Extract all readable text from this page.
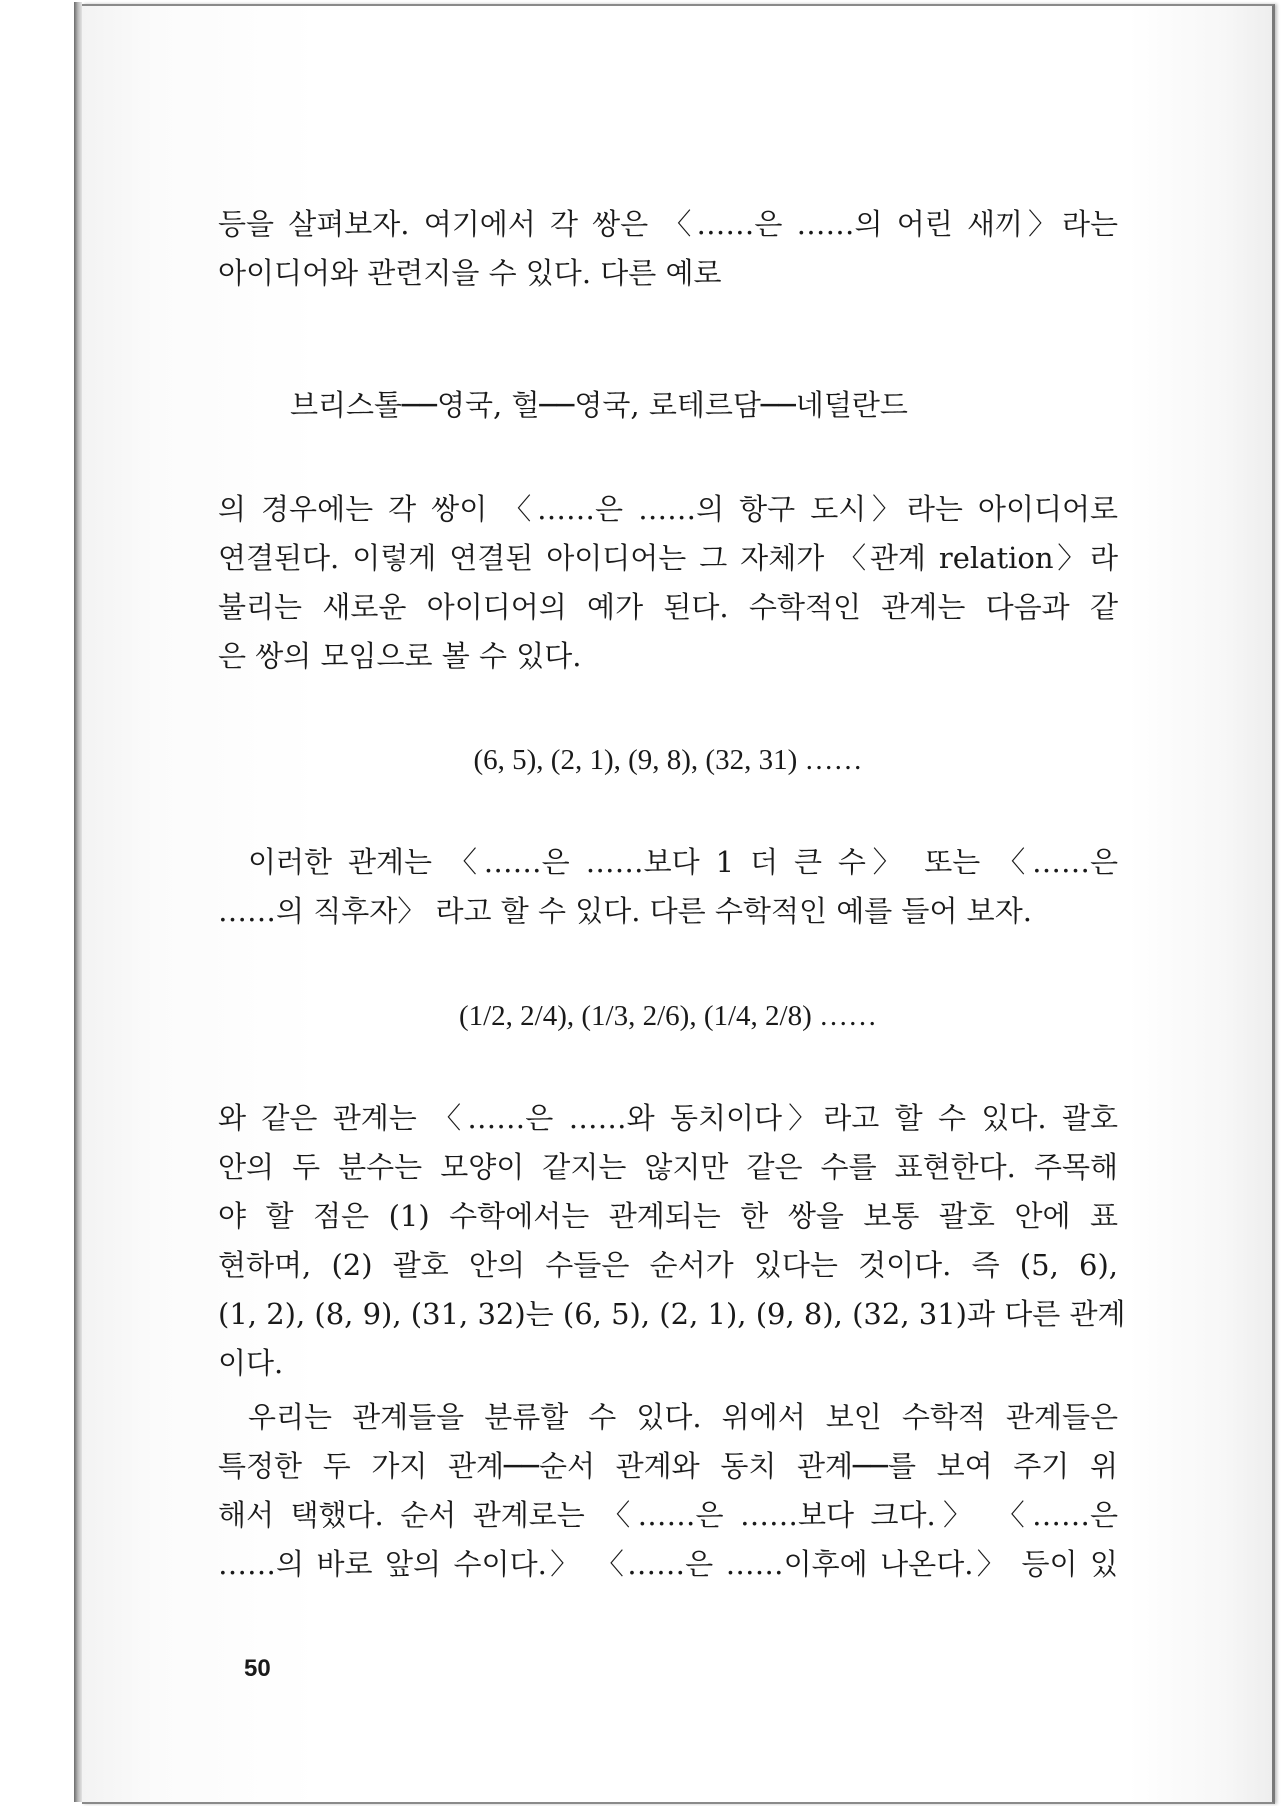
등을 살펴보자. 여기에서 각 쌍은 〈……은 ……의 어린 새끼〉라는
아이디어와 관련지을 수 있다. 다른 예로
브리스톨──영국, 헐──영국, 로테르담──네덜란드
의 경우에는 각 쌍이 〈……은 ……의 항구 도시〉라는 아이디어로
연결된다. 이렇게 연결된 아이디어는 그 자체가 〈관계 relation〉라
불리는 새로운 아이디어의 예가 된다. 수학적인 관계는 다음과 같
은 쌍의 모임으로 볼 수 있다.
(6, 5), (2, 1), (9, 8), (32, 31) ……
이러한 관계는 〈……은 ……보다 1 더 큰 수〉 또는 〈……은
……의 직후자〉 라고 할 수 있다. 다른 수학적인 예를 들어 보자.
(1/2, 2/4), (1/3, 2/6), (1/4, 2/8) ……
와 같은 관계는 〈……은 ……와 동치이다〉라고 할 수 있다. 괄호
안의 두 분수는 모양이 같지는 않지만 같은 수를 표현한다. 주목해
야 할 점은 (1) 수학에서는 관계되는 한 쌍을 보통 괄호 안에 표
현하며, (2) 괄호 안의 수들은 순서가 있다는 것이다. 즉 (5, 6),
(1, 2), (8, 9), (31, 32)는 (6, 5), (2, 1), (9, 8), (32, 31)과 다른 관계
이다.
우리는 관계들을 분류할 수 있다. 위에서 보인 수학적 관계들은
특정한 두 가지 관계──순서 관계와 동치 관계──를 보여 주기 위
해서 택했다. 순서 관계로는 〈……은 ……보다 크다.〉 〈……은
……의 바로 앞의 수이다.〉 〈……은 ……이후에 나온다.〉 등이 있
50
